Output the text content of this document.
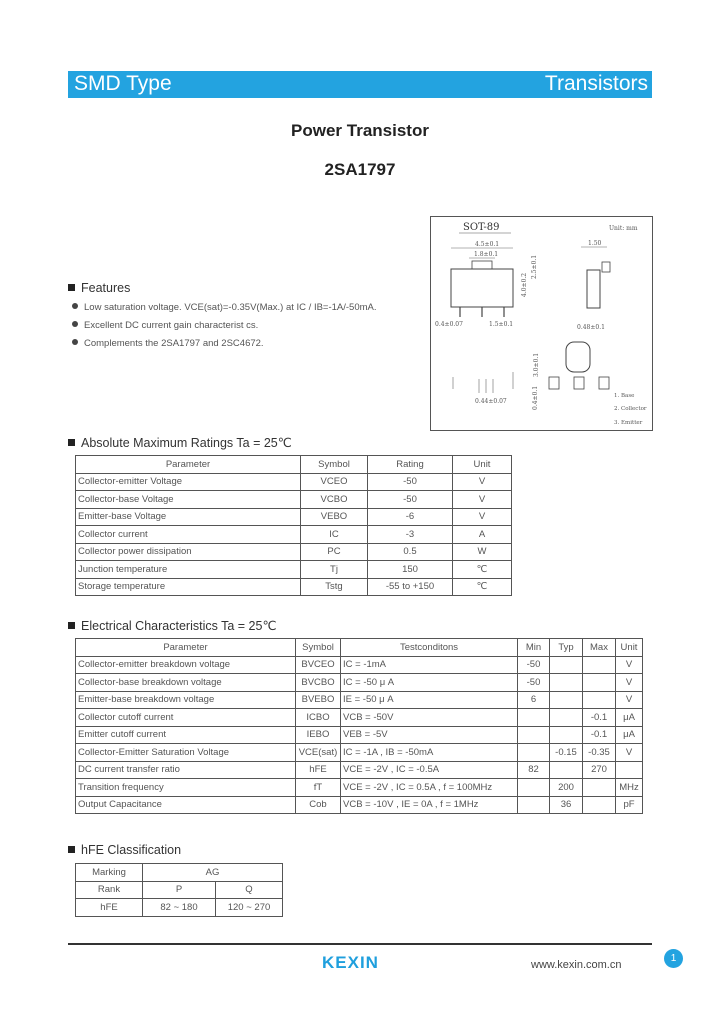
SMD Type	Transistors
Power Transistor
2SA1797
SOT-89	Unit: mm
4.5±0.1
1.8±0.1
0.4±0.07	1.5±0.1
4.0±0.2
2.5±0.1
1.50
0.48±0.1
3.0±0.1
0.4±0.1
0.44±0.07
1. Base
2. Collector
3. Emitter
Features
Low saturation voltage. VCE(sat)=-0.35V(Max.) at IC / IB=-1A/-50mA.
Excellent DC current gain characterist cs.
Complements the 2SA1797 and 2SC4672.
Absolute Maximum Ratings Ta = 25℃
Parameter	Symbol	Rating	Unit
Collector-emitter Voltage	VCEO	-50	V
Collector-base Voltage	VCBO	-50	V
Emitter-base Voltage	VEBO	-6	V
Collector current	IC	-3	A
Collector power dissipation	PC	0.5	W
Junction temperature	Tj	150	℃
Storage temperature	Tstg	-55 to +150	℃
Electrical Characteristics Ta = 25℃
Parameter	Symbol	Testconditons	Min	Typ	Max	Unit
Collector-emitter breakdown voltage	BVCEO	IC = -1mA	-50			V
Collector-base breakdown voltage	BVCBO	IC = -50 μ A	-50			V
Emitter-base breakdown voltage	BVEBO	IE = -50 μ A	6			V
Collector cutoff current	ICBO	VCB = -50V			-0.1	μA
Emitter cutoff current	IEBO	VEB = -5V			-0.1	μA
Collector-Emitter Saturation Voltage	VCE(sat)	IC = -1A , IB = -50mA		-0.15	-0.35	V
DC current transfer ratio	hFE	VCE = -2V , IC = -0.5A	82		270	
Transition frequency	fT	VCE = -2V , IC = 0.5A , f = 100MHz		200		MHz
Output Capacitance	Cob	VCB = -10V , IE = 0A , f = 1MHz		36		pF
hFE Classification
Marking	AG	
Rank	P	Q
hFE	82 ~ 180	120 ~ 270
KEXIN	www.kexin.com.cn
1
